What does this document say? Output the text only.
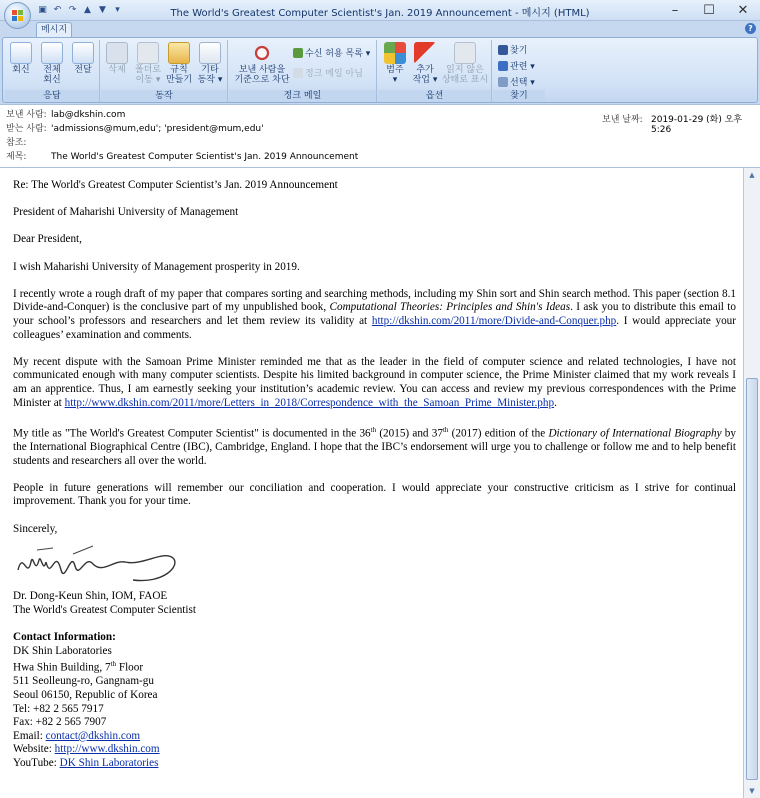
▣ ↶ ↷ ▲ ▼	▾	The World's Greatest Computer Scientist's Jan. 2019 Announcement - 메시지 (HTML)	–	☐	✕
메시지	?
회신	전체
회신
전달
응답
삭제	폴더로
이동 ▾
규칙
만들기
기타
동작 ▾
동작
보낸 사람을
기준으로 차단
수신 허용 목록 ▾
정크 메일 아님
정크 메일
범주
▾
추가
작업 ▾
읽지 않은
상태로 표시
옵션
찾기
관련 ▾
선택 ▾
찾기
보낸 사람: lab@dkshin.com
받는 사람: 'admissions@mum,edu'; 'president@mum,edu'
참조:
제목:	The World's Greatest Computer Scientist's Jan. 2019 Announcement
보낸 날짜: 2019-01-29 (화) 오후 5:26

Re: The World's Greatest Computer Scientist’s Jan. 2019 Announcement

President of Maharishi University of Management

Dear President,

I wish Maharishi University of Management prosperity in 2019.

I recently wrote a rough draft of my paper that compares sorting and searching methods, including my Shin sort and Shin search method. This paper (section 8.1 Divide-and-Conquer) is the conclusive part of my unpublished book, Computational Theories: Principles and Shin's Ideas. I ask you to distribute this email to your school’s professors and researchers and let them review its validity at http://dkshin.com/2011/more/Divide-and-Conquer.php. I would appreciate your colleagues’ examination and comments.

My recent dispute with the Samoan Prime Minister reminded me that as the leader in the field of computer science and related technologies, I have not communicated enough with many computer scientists. Despite his limited background in computer science, the Prime Minister claimed that my work reveals I am an apprentice. Thus, I am earnestly seeking your institution’s academic review. You can access and review my previous correspondences with the Prime Minister at http://www.dkshin.com/2011/more/Letters_in_2018/Correspondence_with_the_Samoan_Prime_Minister.php.

My title as "The World's Greatest Computer Scientist" is documented in the 36th (2015) and 37th (2017) edition of the Dictionary of International Biography by the International Biographical Centre (IBC), Cambridge, England. I hope that the IBC’s endorsement will urge you to challenge or follow me and to help benefit students and researchers all over the world.

People in future generations will remember our conciliation and cooperation. I would appreciate your constructive criticism as I strive for continual improvement. Thank you for your time.

Sincerely,
Dr. Dong-Keun Shin, IOM, FAOE
The World's Greatest Computer Scientist
Contact Information:
DK Shin Laboratories
Hwa Shin Building, 7th Floor
511 Seolleung-ro, Gangnam-gu
Seoul 06150, Republic of Korea
Tel: +82 2 565 7917
Fax: +82 2 565 7907
Email: contact@dkshin.com
Website: http://www.dkshin.com
YouTube: DK Shin Laboratories
▲
▼
